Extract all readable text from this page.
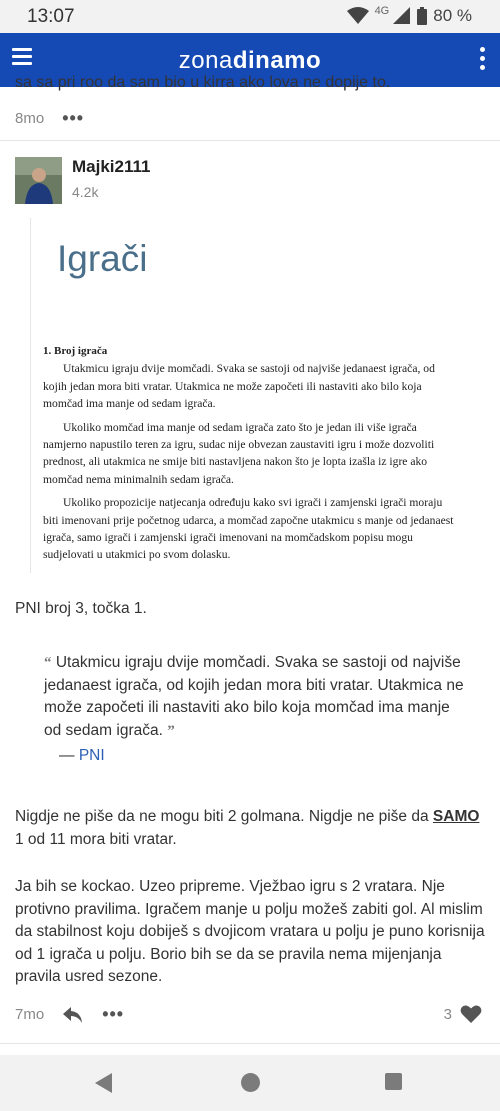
13:07	4G	80 %
zonadinamo
8mo •••
Majki2111
4.2k
Igrači
1. Broj igrača

Utakmicu igraju dvije momčadi. Svaka se sastoji od najviše jedanaest igrača, od kojih jedan mora biti vratar. Utakmica ne može započeti ili nastaviti ako bilo koja momčad ima manje od sedam igrača.

Ukoliko momčad ima manje od sedam igrača zato što je jedan ili više igrača namjerno napustilo teren za igru, sudac nije obvezan zaustaviti igru i može dozvoliti prednost, ali utakmica ne smije biti nastavljena nakon što je lopta izašla iz igre ako momčad nema minimalnih sedam igrača.

Ukoliko propozicije natjecanja određuju kako svi igrači i zamjenski igrači moraju biti imenovani prije početnog udarca, a momčad započne utakmicu s manje od jedanaest igrača, samo igrači i zamjenski igrači imenovani na momčadskom popisu mogu sudjelovati u utakmici po svom dolasku.

PNI broj 3, točka 1.
“ Utakmicu igraju dvije momčadi. Svaka se sastoji od najviše jedanaest igrača, od kojih jedan mora biti vratar. Utakmica ne može započeti ili nastaviti ako bilo koja momčad ima manje od sedam igrača. ”
— PNI
Nigdje ne piše da ne mogu biti 2 golmana. Nigdje ne piše da SAMO 1 od 11 mora biti vratar.
Ja bih se kockao. Uzeo pripreme. Vježbao igru s 2 vratara. Nje protivno pravilima. Igračem manje u polju možeš zabiti gol. Al mislim da stabilnost koju dobiješ s dvojicom vratara u polju je puno korisnija od 1 igrača u polju. Borio bih se da se pravila nema mijenjanja pravila usred sezone.
7mo	•••	3
